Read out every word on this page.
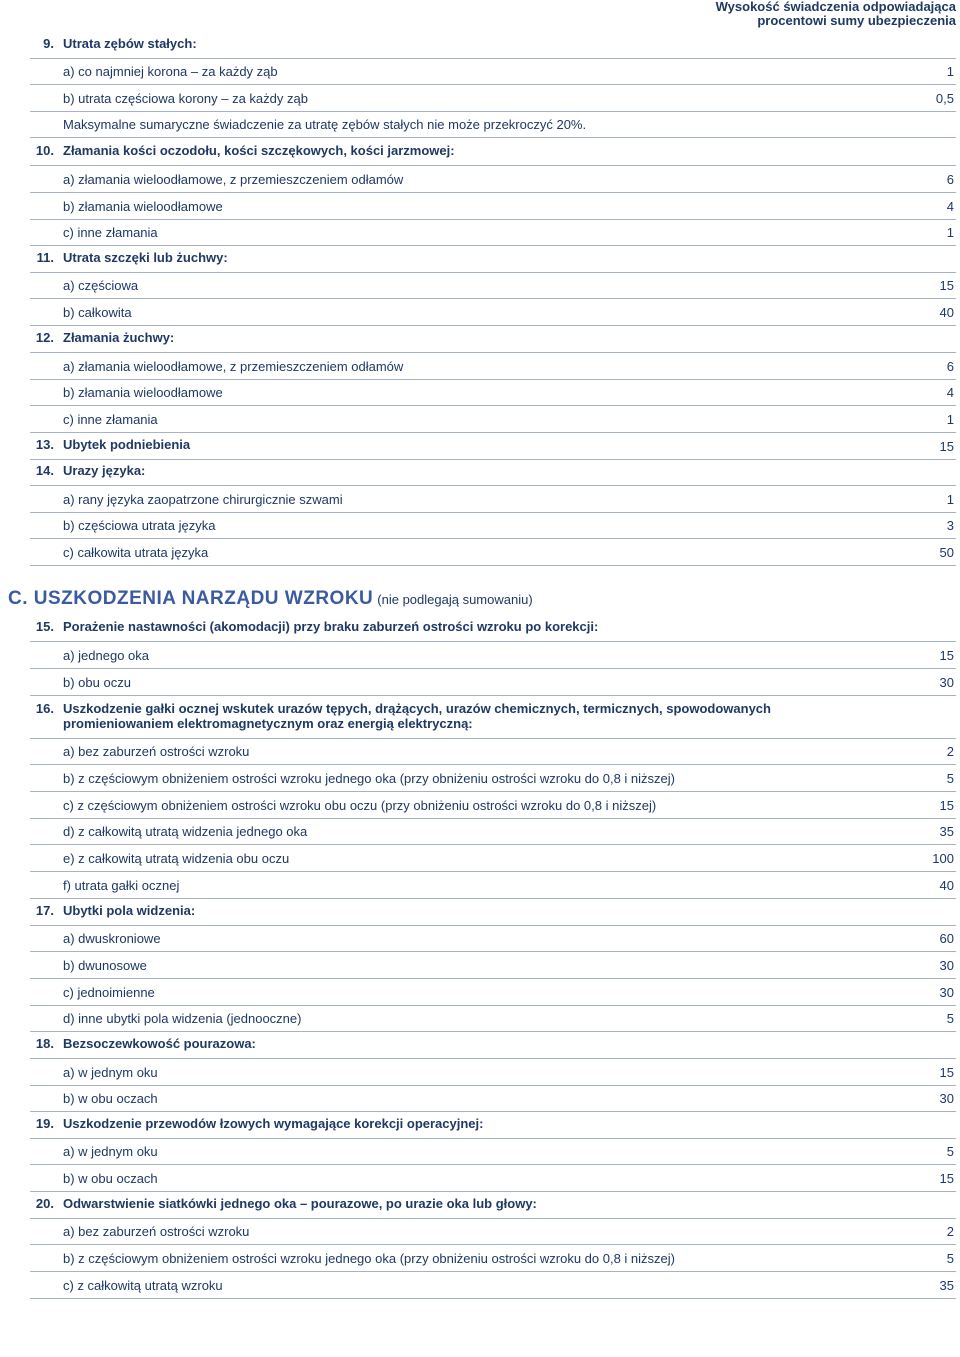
Wysokość świadczenia odpowiadająca procentowi sumy ubezpieczenia
9. Utrata zębów stałych:
a) co najmniej korona – za każdy ząb	1
b) utrata częściowa korony – za każdy ząb	0,5
Maksymalne sumaryczne świadczenie za utratę zębów stałych nie może przekroczyć 20%.
10. Złamania kości oczodołu, kości szczękowych, kości jarzmowej:
a) złamania wieloodłamowe, z przemieszczeniem odłamów	6
b) złamania wieloodłamowe	4
c) inne złamania	1
11. Utrata szczęki lub żuchwy:
a) częściowa	15
b) całkowita	40
12. Złamania żuchwy:
a) złamania wieloodłamowe, z przemieszczeniem odłamów	6
b) złamania wieloodłamowe	4
c) inne złamania	1
13. Ubytek podniebienia	15
14. Urazy języka:
a) rany języka zaopatrzone chirurgicznie szwami	1
b) częściowa utrata języka	3
c) całkowita utrata języka	50
C. USZKODZENIA NARZĄDU WZROKU (nie podlegają sumowaniu)
15. Porażenie nastawności (akomodacji) przy braku zaburzeń ostrości wzroku po korekcji:
a) jednego oka	15
b) obu oczu	30
16. Uszkodzenie gałki ocznej wskutek urazów tępych, drążących, urazów chemicznych, termicznych, spowodowanych promieniowaniem elektromagnetycznym oraz energią elektryczną:
a) bez zaburzeń ostrości wzroku	2
b) z częściowym obniżeniem ostrości wzroku jednego oka (przy obniżeniu ostrości wzroku do 0,8 i niższej)	5
c) z częściowym obniżeniem ostrości wzroku obu oczu (przy obniżeniu ostrości wzroku do 0,8 i niższej)	15
d) z całkowitą utratą widzenia jednego oka	35
e) z całkowitą utratą widzenia obu oczu	100
f) utrata gałki ocznej	40
17. Ubytki pola widzenia:
a) dwuskroniowe	60
b) dwunosowe	30
c) jednoimienne	30
d) inne ubytki pola widzenia (jednooczne)	5
18. Bezsoczewkowość pourazowa:
a) w jednym oku	15
b) w obu oczach	30
19. Uszkodzenie przewodów łzowych wymagające korekcji operacyjnej:
a) w jednym oku	5
b) w obu oczach	15
20. Odwarstwienie siatkówki jednego oka – pourazowe, po urazie oka lub głowy:
a) bez zaburzeń ostrości wzroku	2
b) z częściowym obniżeniem ostrości wzroku jednego oka (przy obniżeniu ostrości wzroku do 0,8 i niższej)	5
c) z całkowitą utratą wzroku	35
